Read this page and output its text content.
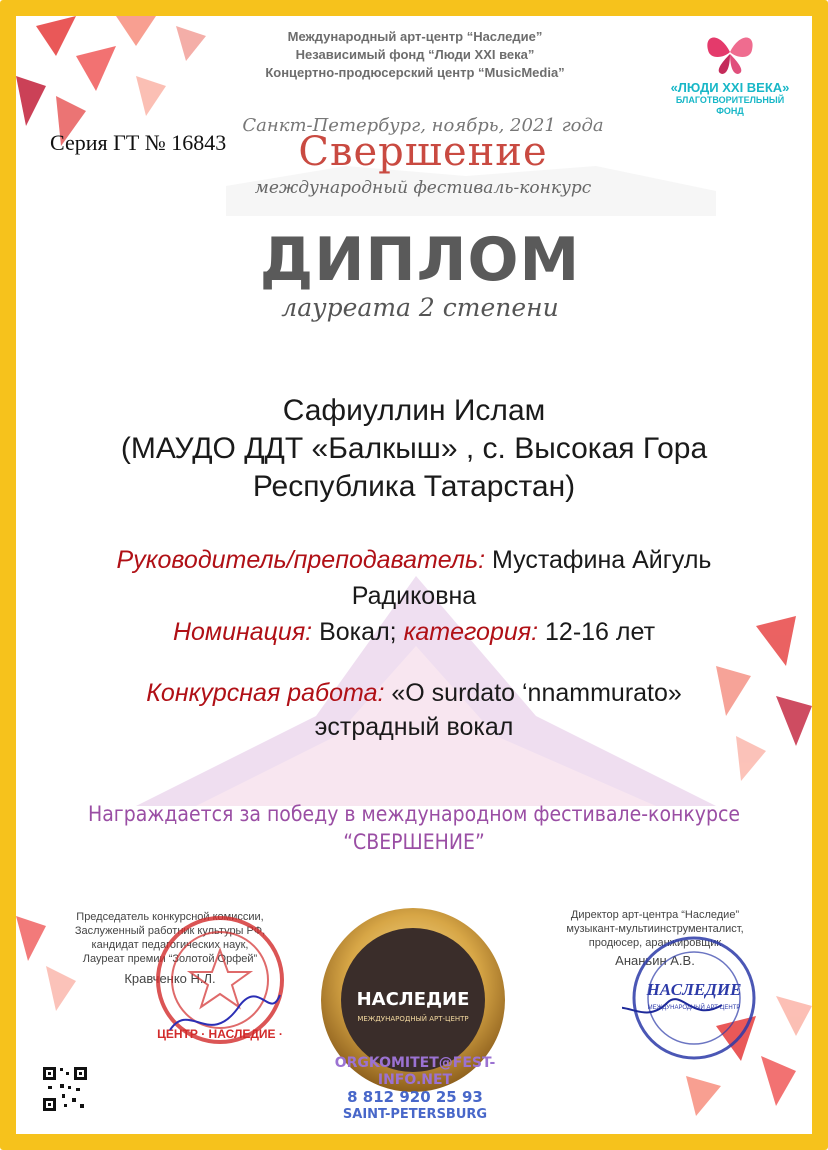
Международный арт-центр “Наследие”
Независимый фонд “Люди XXI века”
Концертно-продюсерский центр “MusicMedia”
«ЛЮДИ XXI ВЕКА»
БЛАГОТВОРИТЕЛЬНЫЙ
ФОНД
Серия ГТ № 16843
Санкт-Петербург, ноябрь, 2021 года
Свершение
международный фестиваль-конкурс
ДИПЛОМ
лауреата 2 степени
Сафиуллин Ислам
(МАУДО ДДТ «Балкыш» , с. Высокая Гора
Республика Татарстан)
Руководитель/преподаватель: Мустафина Айгуль
Радиковна
Номинация: Вокал; категория: 12-16 лет
Конкурсная работа: «O surdato ‘nnammurato»
эстрадный вокал
Награждается за победу в международном фестивале-конкурсе
“СВЕРШЕНИЕ”
Председатель конкурсной комиссии,
Заслуженный работник культуры РФ,
кандидат педагогических наук,
Лауреат премии “Золотой Орфей”
Кравченко Н.Л.
ЦЕНТР · НАСЛЕДИЕ ·
НАСЛЕДИЕ
МЕЖДУНАРОДНЫЙ АРТ-ЦЕНТР
ORGKOMITET@FEST-INFO.NET
8 812 920 25 93
SAINT-PETERSBURG
Директор арт-центра “Наследие”
музыкант-мультиинструменталист,
продюсер, аранжировщик
Ананьин А.В.
НАСЛЕДИЕ
МЕЖДУНАРОДНЫЙ АРТ-ЦЕНТР
